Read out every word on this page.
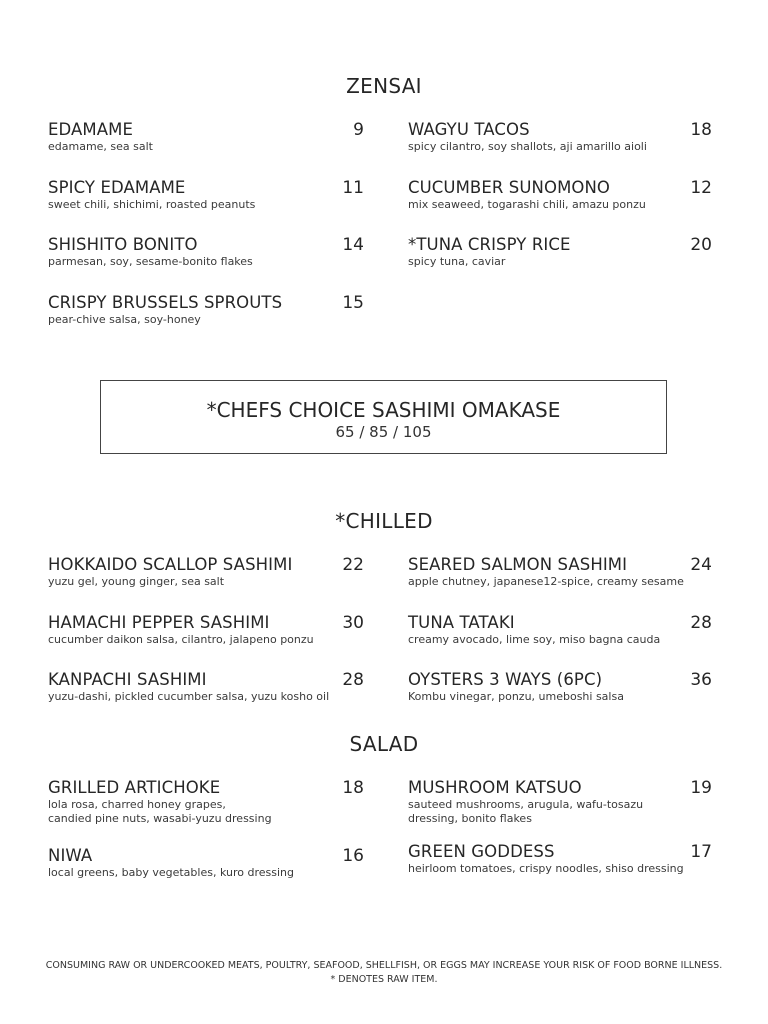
ZENSAI
EDAMAME	9
edamame, sea salt
SPICY EDAMAME	11
sweet chili, shichimi, roasted peanuts
SHISHITO BONITO	14
parmesan, soy, sesame-bonito flakes
CRISPY BRUSSELS SPROUTS	15
pear-chive salsa, soy-honey
WAGYU TACOS	18
spicy cilantro, soy shallots, aji amarillo aioli
CUCUMBER SUNOMONO	12
mix seaweed, togarashi chili, amazu ponzu
*TUNA CRISPY RICE	20
spicy tuna, caviar
*CHEFS CHOICE SASHIMI OMAKASE
65 / 85 / 105
*CHILLED
HOKKAIDO SCALLOP SASHIMI	22
yuzu gel, young ginger, sea salt
HAMACHI PEPPER SASHIMI	30
cucumber daikon salsa, cilantro, jalapeno ponzu
KANPACHI SASHIMI	28
yuzu-dashi, pickled cucumber salsa, yuzu kosho oil
SEARED SALMON SASHIMI	24
apple chutney, japanese12-spice, creamy sesame
TUNA TATAKI	28
creamy avocado, lime soy, miso bagna cauda
OYSTERS 3 WAYS (6PC)	36
Kombu vinegar, ponzu, umeboshi salsa
SALAD
GRILLED ARTICHOKE	18
lola rosa, charred honey grapes,
candied pine nuts, wasabi-yuzu dressing
NIWA	16
local greens, baby vegetables, kuro dressing
MUSHROOM KATSUO	19
sauteed mushrooms, arugula, wafu-tosazu
dressing, bonito flakes
GREEN GODDESS	17
heirloom tomatoes, crispy noodles, shiso dressing
CONSUMING RAW OR UNDERCOOKED MEATS, POULTRY, SEAFOOD, SHELLFISH, OR EGGS MAY INCREASE YOUR RISK OF FOOD BORNE ILLNESS.
* DENOTES RAW ITEM.
